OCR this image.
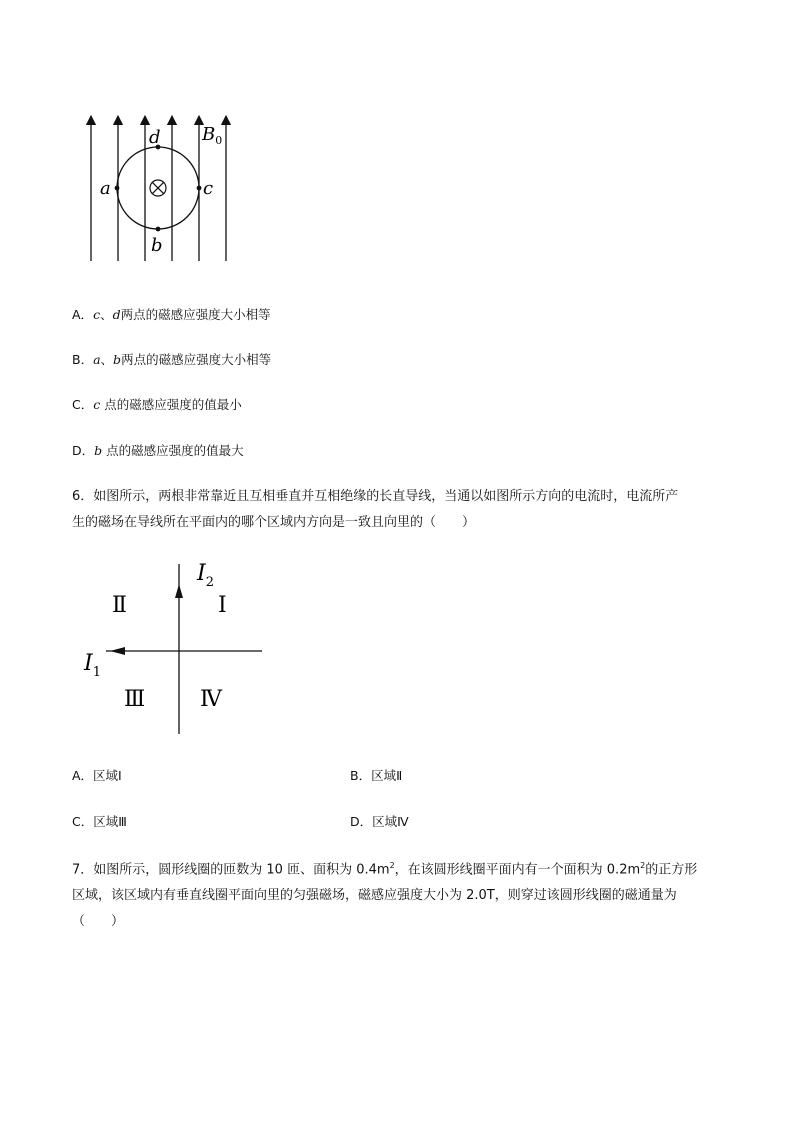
d
a	c
b
$B_0$
A．c、d两点的磁感应强度大小相等
B．a、b两点的磁感应强度大小相等
C．c 点的磁感应强度的值最小
D．b 点的磁感应强度的值最大
6．如图所示，两根非常靠近且互相垂直并互相绝缘的长直导线，当通以如图所示方向的电流时，电流所产
生的磁场在导线所在平面内的哪个区域内方向是一致且向里的（　　）
$I_2$
$I_1$
Ⅰ
Ⅱ
Ⅲ Ⅳ
A．区域Ⅰ	B．区域Ⅱ
C．区域Ⅲ	D．区域Ⅳ
7．如图所示，圆形线圈的匝数为 10 匝、面积为 $0.4m^2$，在该圆形线圈平面内有一个面积为 $0.2m^2$的正方形
区域，该区域内有垂直线圈平面向里的匀强磁场，磁感应强度大小为 2.0T，则穿过该圆形线圈的磁通量为
（　　）
